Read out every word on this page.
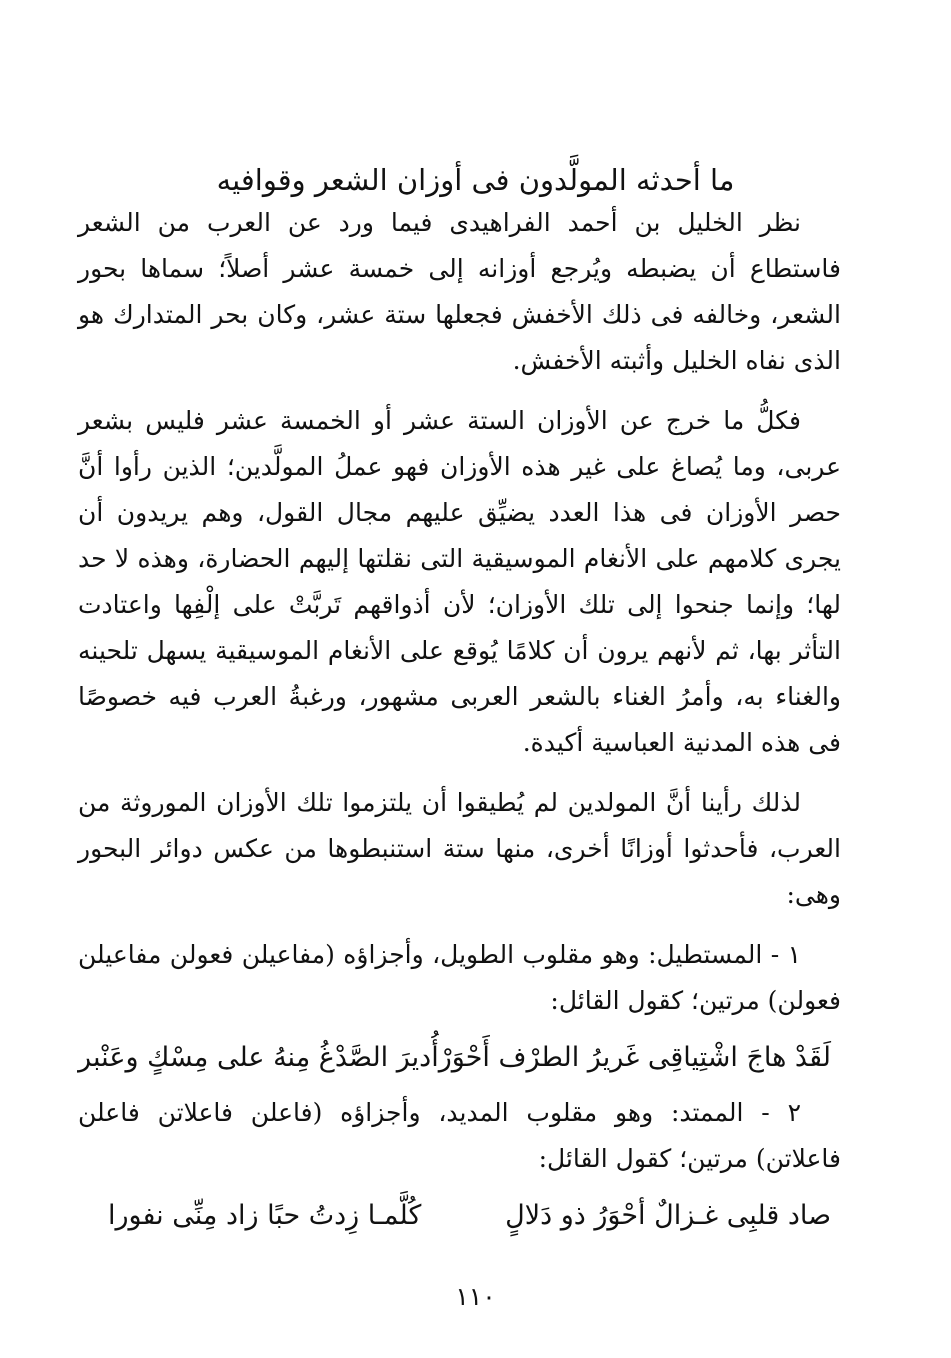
ما أحدثه المولَّدون فى أوزان الشعر وقوافيه

نظر الخليل بن أحمد الفراهيدى فيما ورد عن العرب من الشعر فاستطاع أن يضبطه ويُرجع أوزانه إلى خمسة عشر أصلاً؛ سماها بحور الشعر، وخالفه فى ذلك الأخفش فجعلها ستة عشر، وكان بحر المتدارك هو الذى نفاه الخليل وأثبته الأخفش.

فكلُّ ما خرج عن الأوزان الستة عشر أو الخمسة عشر فليس بشعر عربى، وما يُصاغ على غير هذه الأوزان فهو عملُ المولَّدين؛ الذين رأوا أنَّ حصر الأوزان فى هذا العدد يضيِّق عليهم مجال القول، وهم يريدون أن يجرى كلامهم على الأنغام الموسيقية التى نقلتها إليهم الحضارة، وهذه لا حد لها؛ وإنما جنحوا إلى تلك الأوزان؛ لأن أذواقهم تَربَّتْ على إلْفِها واعتادت التأثر بها، ثم لأنهم يرون أن كلامًا يُوقع على الأنغام الموسيقية يسهل تلحينه والغناء به، وأمرُ الغناء بالشعر العربى مشهور، ورغبةُ العرب فيه خصوصًا فى هذه المدنية العباسية أكيدة.

لذلك رأينا أنَّ المولدين لم يُطيقوا أن يلتزموا تلك الأوزان الموروثة من العرب، فأحدثوا أوزانًا أخرى، منها ستة استنبطوها من عكس دوائر البحور وهى:

١ - المستطيل: وهو مقلوب الطويل، وأجزاؤه (مفاعيلن فعولن مفاعيلن فعولن) مرتين؛ كقول القائل:

لَقَدْ هاجَ اشْتِياقِى غَريرُ الطرْف أَحْوَرْ
أُديرَ الصَّدْغُ مِنهُ على مِسْكٍ وعَنْبر

٢ - الممتد: وهو مقلوب المديد، وأجزاؤه (فاعلن فاعلاتن فاعلن فاعلاتن) مرتين؛ كقول القائل:

صاد قلبِى غـزالٌ أحْوَرُ ذو دَلالٍ
كُلَّمـا زِدتُ حبًا زاد مِنِّى نفورا
١١٠
